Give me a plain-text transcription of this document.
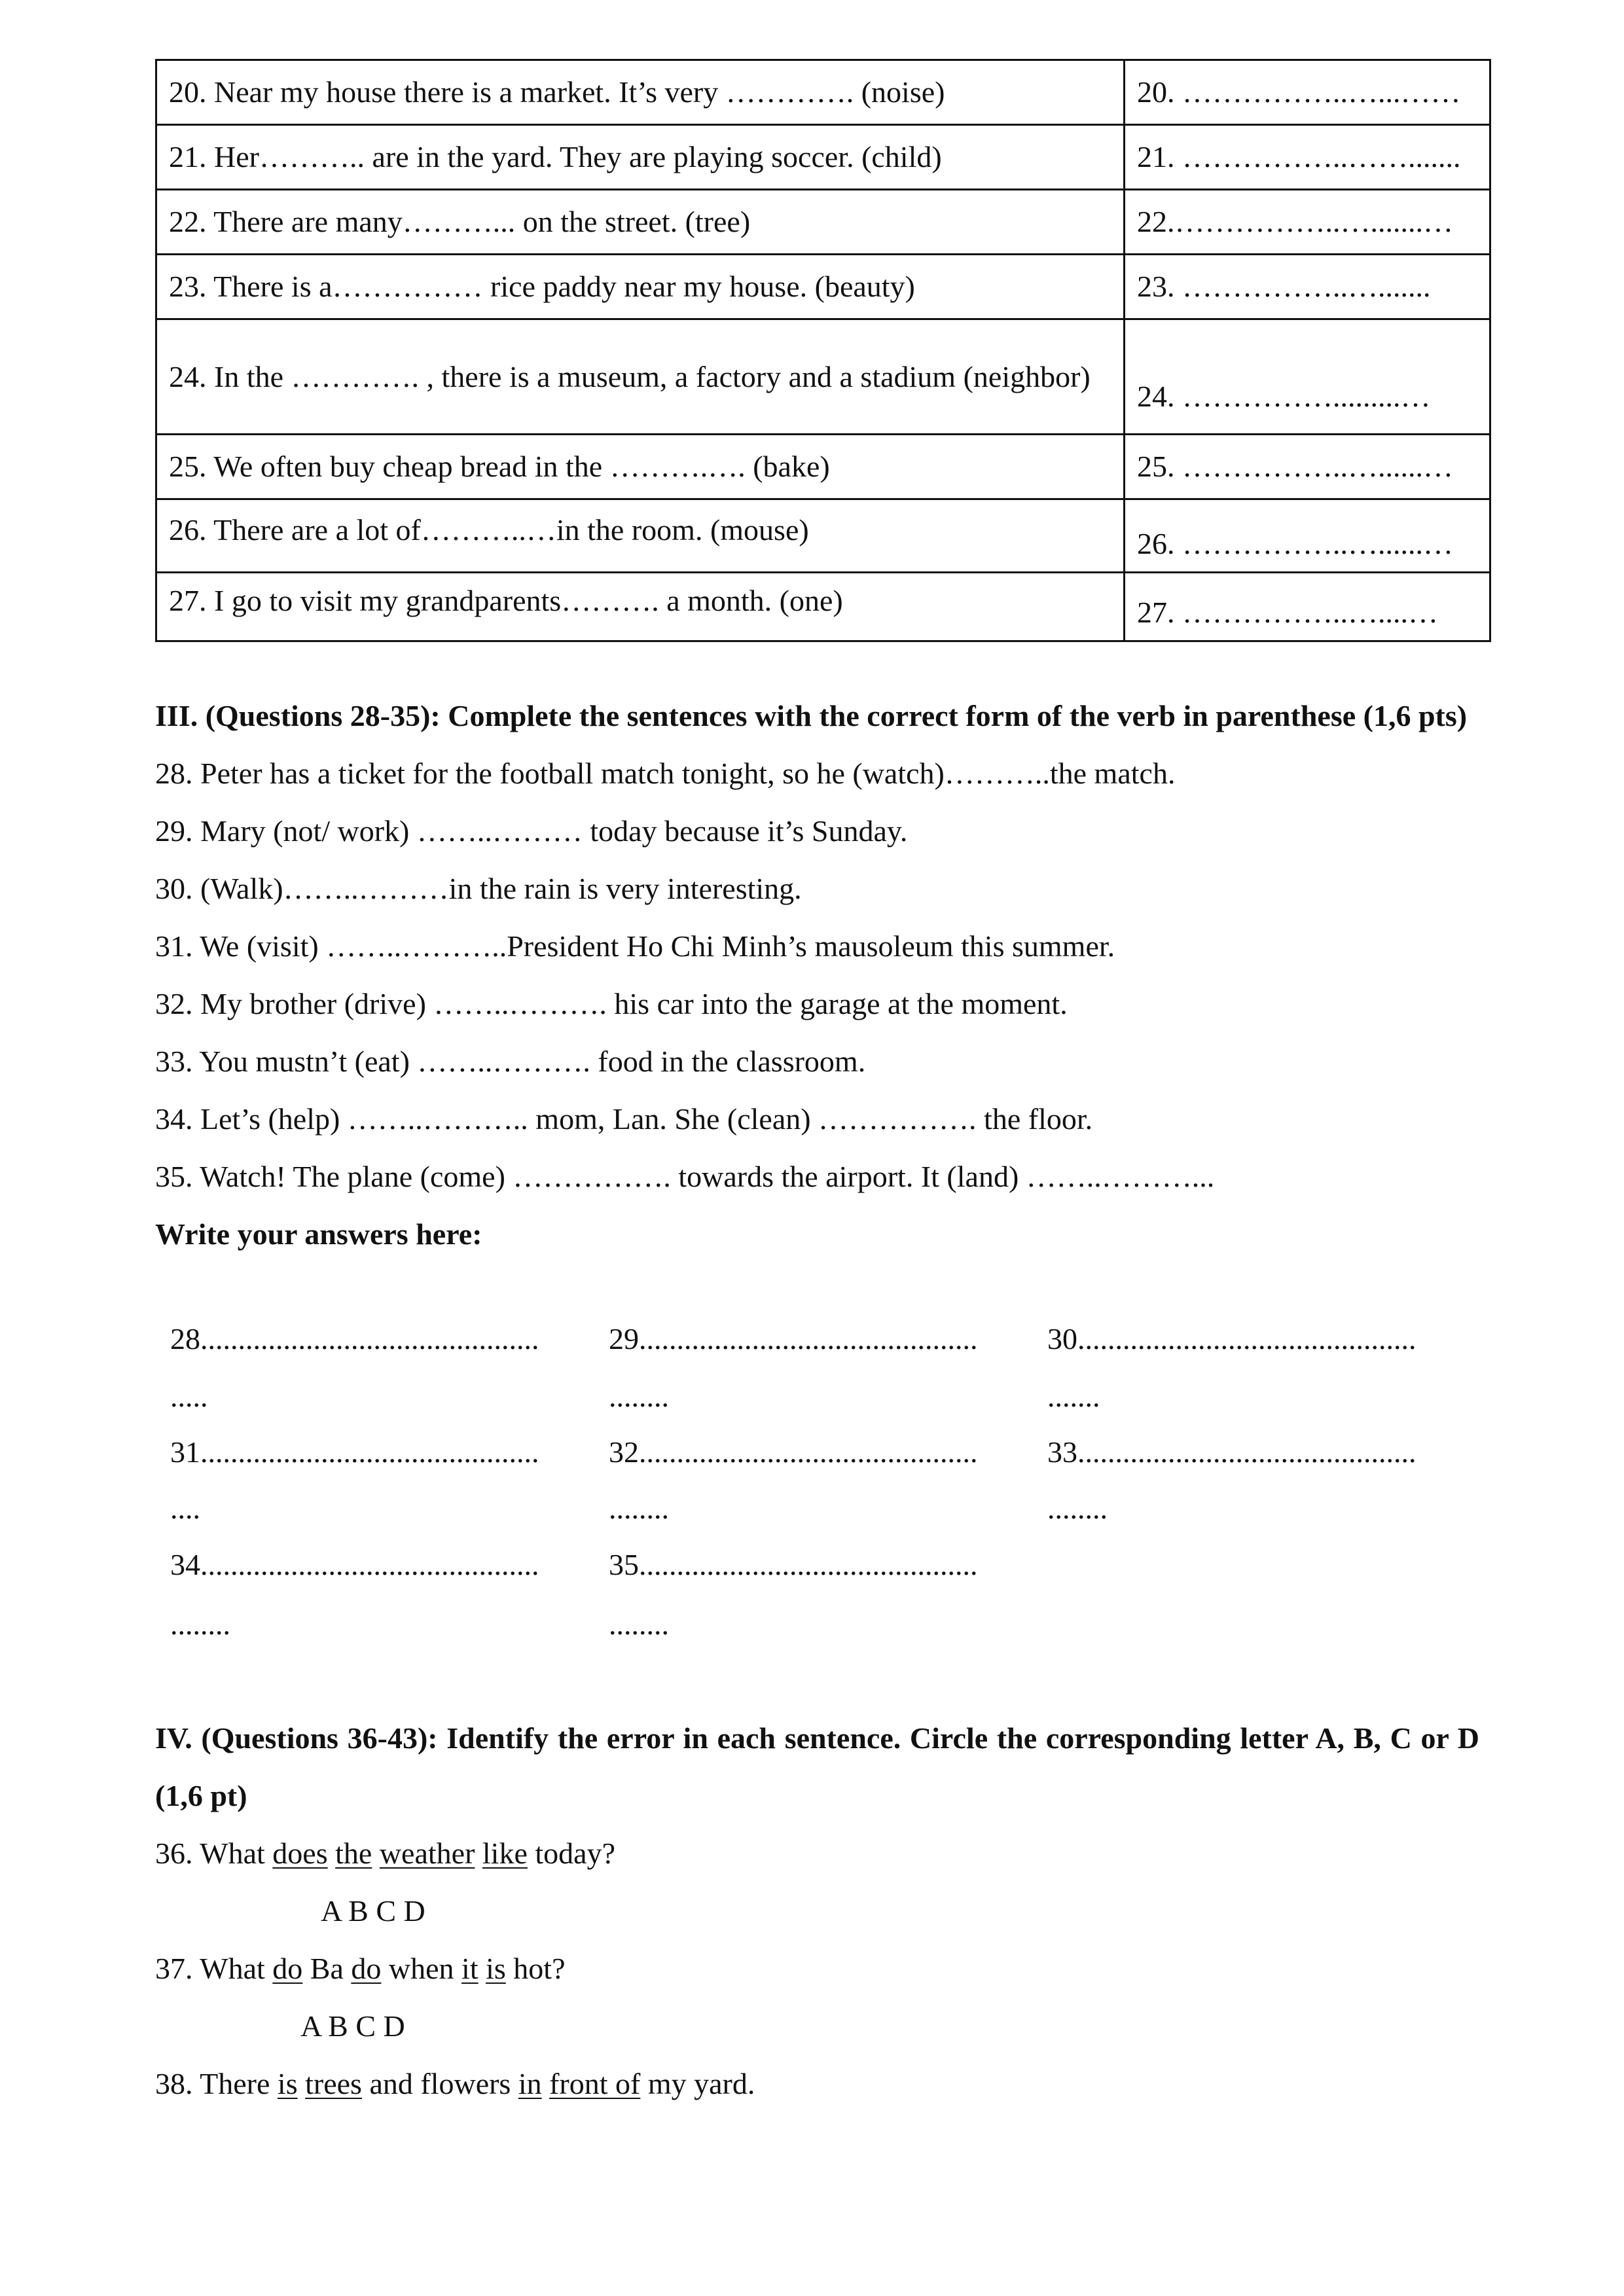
20. Near my house there is a market. It’s very …………. (noise)	20. ……………..…...……
21. Her……….. are in the yard. They are playing soccer. (child)	21. ……………..…….......
22. There are many………... on the street. (tree)	22.……………..….......…
23. There is a…………… rice paddy near my house. (beauty)	23. ……………..….......
24. In the …………. , there is a museum, a factory and a stadium (neighbor)	24. …………….........…
25. We often buy cheap bread in the ……….…. (bake)	25. ……………..…......…
26. There are a lot of………..…in the room. (mouse)	26. ……………..…......…
27. I go to visit my grandparents………. a month. (one)	27. ……………..…....…
III. (Questions 28-35): Complete the sentences with the correct form of the verb in parenthese (1,6 pts)
28. Peter has a ticket for the football match tonight, so he (watch)………..the match.
29. Mary (not/ work) ……..……… today because it’s Sunday.
30. (Walk)……..………in the rain is very interesting.
31. We (visit) ……..………..President Ho Chi Minh’s mausoleum this summer.
32. My brother (drive) ……..………. his car into the garage at the moment.
33. You mustn’t (eat) ……..………. food in the classroom.
34. Let’s (help) ……..……….. mom, Lan. She (clean) ……………. the floor.
35. Watch! The plane (come) ……………. towards the airport. It (land) ……..………...
Write your answers here:
28............................................. 29............................................. 30.............................................
.....	........	.......
31............................................. 32............................................. 33.............................................
....	........	........
34............................................. 35.............................................
........	........
IV. (Questions 36-43): Identify the error in each sentence. Circle the corresponding letter A, B, C or D (1,6 pt)
36. What does the weather like today?
A B C D
37. What do Ba do when it is hot?
A B C D
38. There is trees and flowers in front of my yard.
